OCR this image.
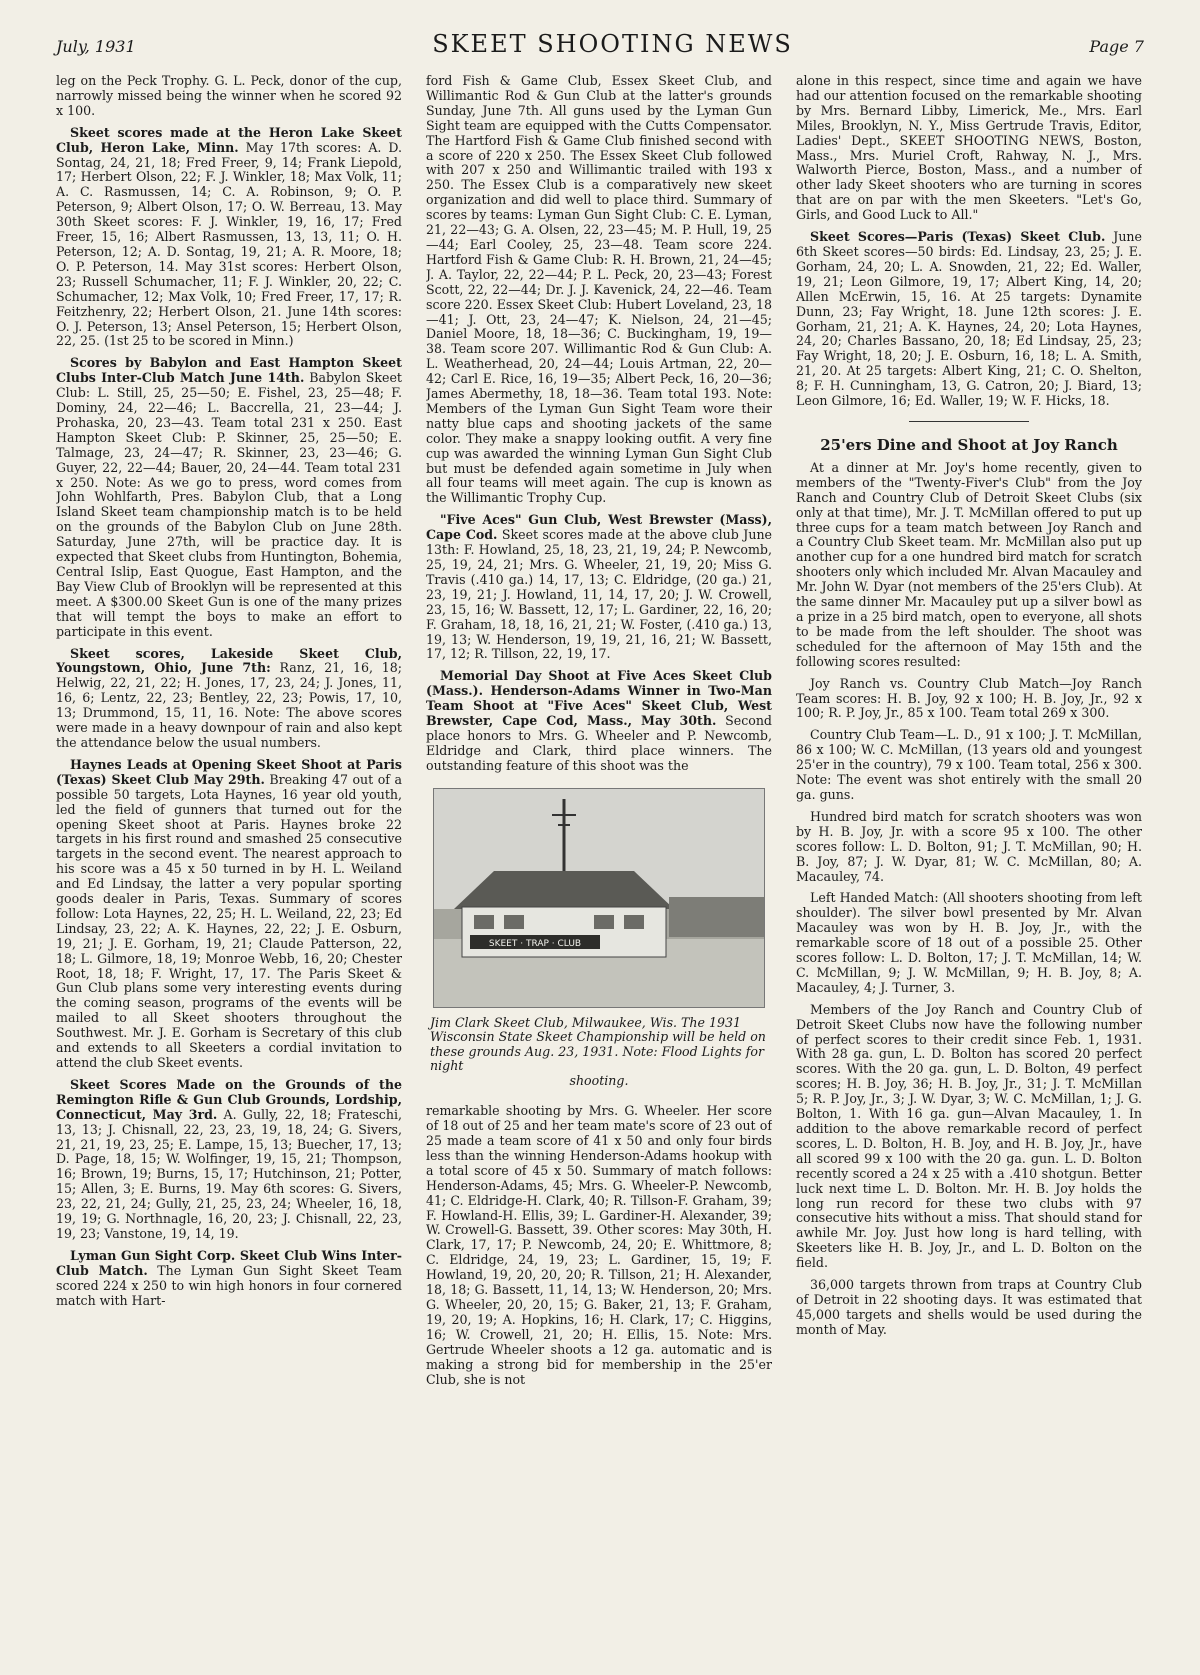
July, 1931	SKEET SHOOTING NEWS	Page 7

leg on the Peck Trophy. G. L. Peck, donor of the cup, narrowly missed being the winner when he scored 92 x 100.

Skeet scores made at the Heron Lake Skeet Club, Heron Lake, Minn. May 17th scores: A. D. Sontag, 24, 21, 18; Fred Freer, 9, 14; Frank Liepold, 17; Herbert Olson, 22; F. J. Winkler, 18; Max Volk, 11; A. C. Rasmussen, 14; C. A. Robinson, 9; O. P. Peterson, 9; Albert Olson, 17; O. W. Berreau, 13. May 30th Skeet scores: F. J. Winkler, 19, 16, 17; Fred Freer, 15, 16; Albert Rasmussen, 13, 13, 11; O. H. Peterson, 12; A. D. Sontag, 19, 21; A. R. Moore, 18; O. P. Peterson, 14. May 31st scores: Herbert Olson, 23; Russell Schumacher, 11; F. J. Winkler, 20, 22; C. Schumacher, 12; Max Volk, 10; Fred Freer, 17, 17; R. Feitzhenry, 22; Herbert Olson, 21. June 14th scores: O. J. Peterson, 13; Ansel Peterson, 15; Herbert Olson, 22, 25. (1st 25 to be scored in Minn.)

Scores by Babylon and East Hampton Skeet Clubs Inter-Club Match June 14th. Babylon Skeet Club: L. Still, 25, 25—50; E. Fishel, 23, 25—48; F. Dominy, 24, 22—46; L. Baccrella, 21, 23—44; J. Prohaska, 20, 23—43. Team total 231 x 250. East Hampton Skeet Club: P. Skinner, 25, 25—50; E. Talmage, 23, 24—47; R. Skinner, 23, 23—46; G. Guyer, 22, 22—44; Bauer, 20, 24—44. Team total 231 x 250. Note: As we go to press, word comes from John Wohlfarth, Pres. Babylon Club, that a Long Island Skeet team championship match is to be held on the grounds of the Babylon Club on June 28th. Saturday, June 27th, will be practice day. It is expected that Skeet clubs from Huntington, Bohemia, Central Islip, East Quogue, East Hampton, and the Bay View Club of Brooklyn will be represented at this meet. A $300.00 Skeet Gun is one of the many prizes that will tempt the boys to make an effort to participate in this event.

Skeet scores, Lakeside Skeet Club, Youngstown, Ohio, June 7th: Ranz, 21, 16, 18; Helwig, 22, 21, 22; H. Jones, 17, 23, 24; J. Jones, 11, 16, 6; Lentz, 22, 23; Bentley, 22, 23; Powis, 17, 10, 13; Drummond, 15, 11, 16. Note: The above scores were made in a heavy downpour of rain and also kept the attendance below the usual numbers.

Haynes Leads at Opening Skeet Shoot at Paris (Texas) Skeet Club May 29th. Breaking 47 out of a possible 50 targets, Lota Haynes, 16 year old youth, led the field of gunners that turned out for the opening Skeet shoot at Paris. Haynes broke 22 targets in his first round and smashed 25 consecutive targets in the second event. The nearest approach to his score was a 45 x 50 turned in by H. L. Weiland and Ed Lindsay, the latter a very popular sporting goods dealer in Paris, Texas. Summary of scores follow: Lota Haynes, 22, 25; H. L. Weiland, 22, 23; Ed Lindsay, 23, 22; A. K. Haynes, 22, 22; J. E. Osburn, 19, 21; J. E. Gorham, 19, 21; Claude Patterson, 22, 18; L. Gilmore, 18, 19; Monroe Webb, 16, 20; Chester Root, 18, 18; F. Wright, 17, 17. The Paris Skeet & Gun Club plans some very interesting events during the coming season, programs of the events will be mailed to all Skeet shooters throughout the Southwest. Mr. J. E. Gorham is Secretary of this club and extends to all Skeeters a cordial invitation to attend the club Skeet events.

Skeet Scores Made on the Grounds of the Remington Rifle & Gun Club Grounds, Lordship, Connecticut, May 3rd. A. Gully, 22, 18; Frateschi, 13, 13; J. Chisnall, 22, 23, 23, 19, 18, 24; G. Sivers, 21, 21, 19, 23, 25; E. Lampe, 15, 13; Buecher, 17, 13; D. Page, 18, 15; W. Wolfinger, 19, 15, 21; Thompson, 16; Brown, 19; Burns, 15, 17; Hutchinson, 21; Potter, 15; Allen, 3; E. Burns, 19. May 6th scores: G. Sivers, 23, 22, 21, 24; Gully, 21, 25, 23, 24; Wheeler, 16, 18, 19, 19; G. Northnagle, 16, 20, 23; J. Chisnall, 22, 23, 19, 23; Vanstone, 19, 14, 19.

Lyman Gun Sight Corp. Skeet Club Wins Inter-Club Match. The Lyman Gun Sight Skeet Team scored 224 x 250 to win high honors in four cornered match with Hart-

ford Fish & Game Club, Essex Skeet Club, and Willimantic Rod & Gun Club at the latter's grounds Sunday, June 7th. All guns used by the Lyman Gun Sight team are equipped with the Cutts Compensator. The Hartford Fish & Game Club finished second with a score of 220 x 250. The Essex Skeet Club followed with 207 x 250 and Willimantic trailed with 193 x 250. The Essex Club is a comparatively new skeet organization and did well to place third. Summary of scores by teams: Lyman Gun Sight Club: C. E. Lyman, 21, 22—43; G. A. Olsen, 22, 23—45; M. P. Hull, 19, 25—44; Earl Cooley, 25, 23—48. Team score 224. Hartford Fish & Game Club: R. H. Brown, 21, 24—45; J. A. Taylor, 22, 22—44; P. L. Peck, 20, 23—43; Forest Scott, 22, 22—44; Dr. J. J. Kavenick, 24, 22—46. Team score 220. Essex Skeet Club: Hubert Loveland, 23, 18—41; J. Ott, 23, 24—47; K. Nielson, 24, 21—45; Daniel Moore, 18, 18—36; C. Buckingham, 19, 19—38. Team score 207. Willimantic Rod & Gun Club: A. L. Weatherhead, 20, 24—44; Louis Artman, 22, 20—42; Carl E. Rice, 16, 19—35; Albert Peck, 16, 20—36; James Abermethy, 18, 18—36. Team total 193. Note: Members of the Lyman Gun Sight Team wore their natty blue caps and shooting jackets of the same color. They make a snappy looking outfit. A very fine cup was awarded the winning Lyman Gun Sight Club but must be defended again sometime in July when all four teams will meet again. The cup is known as the Willimantic Trophy Cup.

"Five Aces" Gun Club, West Brewster (Mass), Cape Cod. Skeet scores made at the above club June 13th: F. Howland, 25, 18, 23, 21, 19, 24; P. Newcomb, 25, 19, 24, 21; Mrs. G. Wheeler, 21, 19, 20; Miss G. Travis (.410 ga.) 14, 17, 13; C. Eldridge, (20 ga.) 21, 23, 19, 21; J. Howland, 11, 14, 17, 20; J. W. Crowell, 23, 15, 16; W. Bassett, 12, 17; L. Gardiner, 22, 16, 20; F. Graham, 18, 18, 16, 21, 21; W. Foster, (.410 ga.) 13, 19, 13; W. Henderson, 19, 19, 21, 16, 21; W. Bassett, 17, 12; R. Tillson, 22, 19, 17.

Memorial Day Shoot at Five Aces Skeet Club (Mass.). Henderson-Adams Winner in Two-Man Team Shoot at "Five Aces" Skeet Club, West Brewster, Cape Cod, Mass., May 30th. Second place honors to Mrs. G. Wheeler and P. Newcomb, Eldridge and Clark, third place winners. The outstanding feature of this shoot was the

SKEET · TRAP · CLUB
Jim Clark Skeet Club, Milwaukee, Wis. The 1931 Wisconsin State Skeet Championship will be held on these grounds Aug. 23, 1931. Note: Flood Lights for night
shooting.

remarkable shooting by Mrs. G. Wheeler. Her score of 18 out of 25 and her team mate's score of 23 out of 25 made a team score of 41 x 50 and only four birds less than the winning Henderson-Adams hookup with a total score of 45 x 50. Summary of match follows: Henderson-Adams, 45; Mrs. G. Wheeler-P. Newcomb, 41; C. Eldridge-H. Clark, 40; R. Tillson-F. Graham, 39; F. Howland-H. Ellis, 39; L. Gardiner-H. Alexander, 39; W. Crowell-G. Bassett, 39. Other scores: May 30th, H. Clark, 17, 17; P. Newcomb, 24, 20; E. Whittmore, 8; C. Eldridge, 24, 19, 23; L. Gardiner, 15, 19; F. Howland, 19, 20, 20, 20; R. Tillson, 21; H. Alexander, 18, 18; G. Bassett, 11, 14, 13; W. Henderson, 20; Mrs. G. Wheeler, 20, 20, 15; G. Baker, 21, 13; F. Graham, 19, 20, 19; A. Hopkins, 16; H. Clark, 17; C. Higgins, 16; W. Crowell, 21, 20; H. Ellis, 15. Note: Mrs. Gertrude Wheeler shoots a 12 ga. automatic and is making a strong bid for membership in the 25'er Club, she is not

alone in this respect, since time and again we have had our attention focused on the remarkable shooting by Mrs. Bernard Libby, Limerick, Me., Mrs. Earl Miles, Brooklyn, N. Y., Miss Gertrude Travis, Editor, Ladies' Dept., SKEET SHOOTING NEWS, Boston, Mass., Mrs. Muriel Croft, Rahway, N. J., Mrs. Walworth Pierce, Boston, Mass., and a number of other lady Skeet shooters who are turning in scores that are on par with the men Skeeters. "Let's Go, Girls, and Good Luck to All."

Skeet Scores—Paris (Texas) Skeet Club. June 6th Skeet scores—50 birds: Ed. Lindsay, 23, 25; J. E. Gorham, 24, 20; L. A. Snowden, 21, 22; Ed. Waller, 19, 21; Leon Gilmore, 19, 17; Albert King, 14, 20; Allen McErwin, 15, 16. At 25 targets: Dynamite Dunn, 23; Fay Wright, 18. June 12th scores: J. E. Gorham, 21, 21; A. K. Haynes, 24, 20; Lota Haynes, 24, 20; Charles Bassano, 20, 18; Ed Lindsay, 25, 23; Fay Wright, 18, 20; J. E. Osburn, 16, 18; L. A. Smith, 21, 20. At 25 targets: Albert King, 21; C. O. Shelton, 8; F. H. Cunningham, 13, G. Catron, 20; J. Biard, 13; Leon Gilmore, 16; Ed. Waller, 19; W. F. Hicks, 18.

25'ers Dine and Shoot at Joy Ranch

At a dinner at Mr. Joy's home recently, given to members of the "Twenty-Fiver's Club" from the Joy Ranch and Country Club of Detroit Skeet Clubs (six only at that time), Mr. J. T. McMillan offered to put up three cups for a team match between Joy Ranch and a Country Club Skeet team. Mr. McMillan also put up another cup for a one hundred bird match for scratch shooters only which included Mr. Alvan Macauley and Mr. John W. Dyar (not members of the 25'ers Club). At the same dinner Mr. Macauley put up a silver bowl as a prize in a 25 bird match, open to everyone, all shots to be made from the left shoulder. The shoot was scheduled for the afternoon of May 15th and the following scores resulted:

Joy Ranch vs. Country Club Match—Joy Ranch Team scores: H. B. Joy, 92 x 100; H. B. Joy, Jr., 92 x 100; R. P. Joy, Jr., 85 x 100. Team total 269 x 300.

Country Club Team—L. D., 91 x 100; J. T. McMillan, 86 x 100; W. C. McMillan, (13 years old and youngest 25'er in the country), 79 x 100. Team total, 256 x 300. Note: The event was shot entirely with the small 20 ga. guns.

Hundred bird match for scratch shooters was won by H. B. Joy, Jr. with a score 95 x 100. The other scores follow: L. D. Bolton, 91; J. T. McMillan, 90; H. B. Joy, 87; J. W. Dyar, 81; W. C. McMillan, 80; A. Macauley, 74.

Left Handed Match: (All shooters shooting from left shoulder). The silver bowl presented by Mr. Alvan Macauley was won by H. B. Joy, Jr., with the remarkable score of 18 out of a possible 25. Other scores follow: L. D. Bolton, 17; J. T. McMillan, 14; W. C. McMillan, 9; J. W. McMillan, 9; H. B. Joy, 8; A. Macauley, 4; J. Turner, 3.

Members of the Joy Ranch and Country Club of Detroit Skeet Clubs now have the following number of perfect scores to their credit since Feb. 1, 1931. With 28 ga. gun, L. D. Bolton has scored 20 perfect scores. With the 20 ga. gun, L. D. Bolton, 49 perfect scores; H. B. Joy, 36; H. B. Joy, Jr., 31; J. T. McMillan 5; R. P. Joy, Jr., 3; J. W. Dyar, 3; W. C. McMillan, 1; J. G. Bolton, 1. With 16 ga. gun—Alvan Macauley, 1. In addition to the above remarkable record of perfect scores, L. D. Bolton, H. B. Joy, and H. B. Joy, Jr., have all scored 99 x 100 with the 20 ga. gun. L. D. Bolton recently scored a 24 x 25 with a .410 shotgun. Better luck next time L. D. Bolton. Mr. H. B. Joy holds the long run record for these two clubs with 97 consecutive hits without a miss. That should stand for awhile Mr. Joy. Just how long is hard telling, with Skeeters like H. B. Joy, Jr., and L. D. Bolton on the field.

36,000 targets thrown from traps at Country Club of Detroit in 22 shooting days. It was estimated that 45,000 targets and shells would be used during the month of May.
